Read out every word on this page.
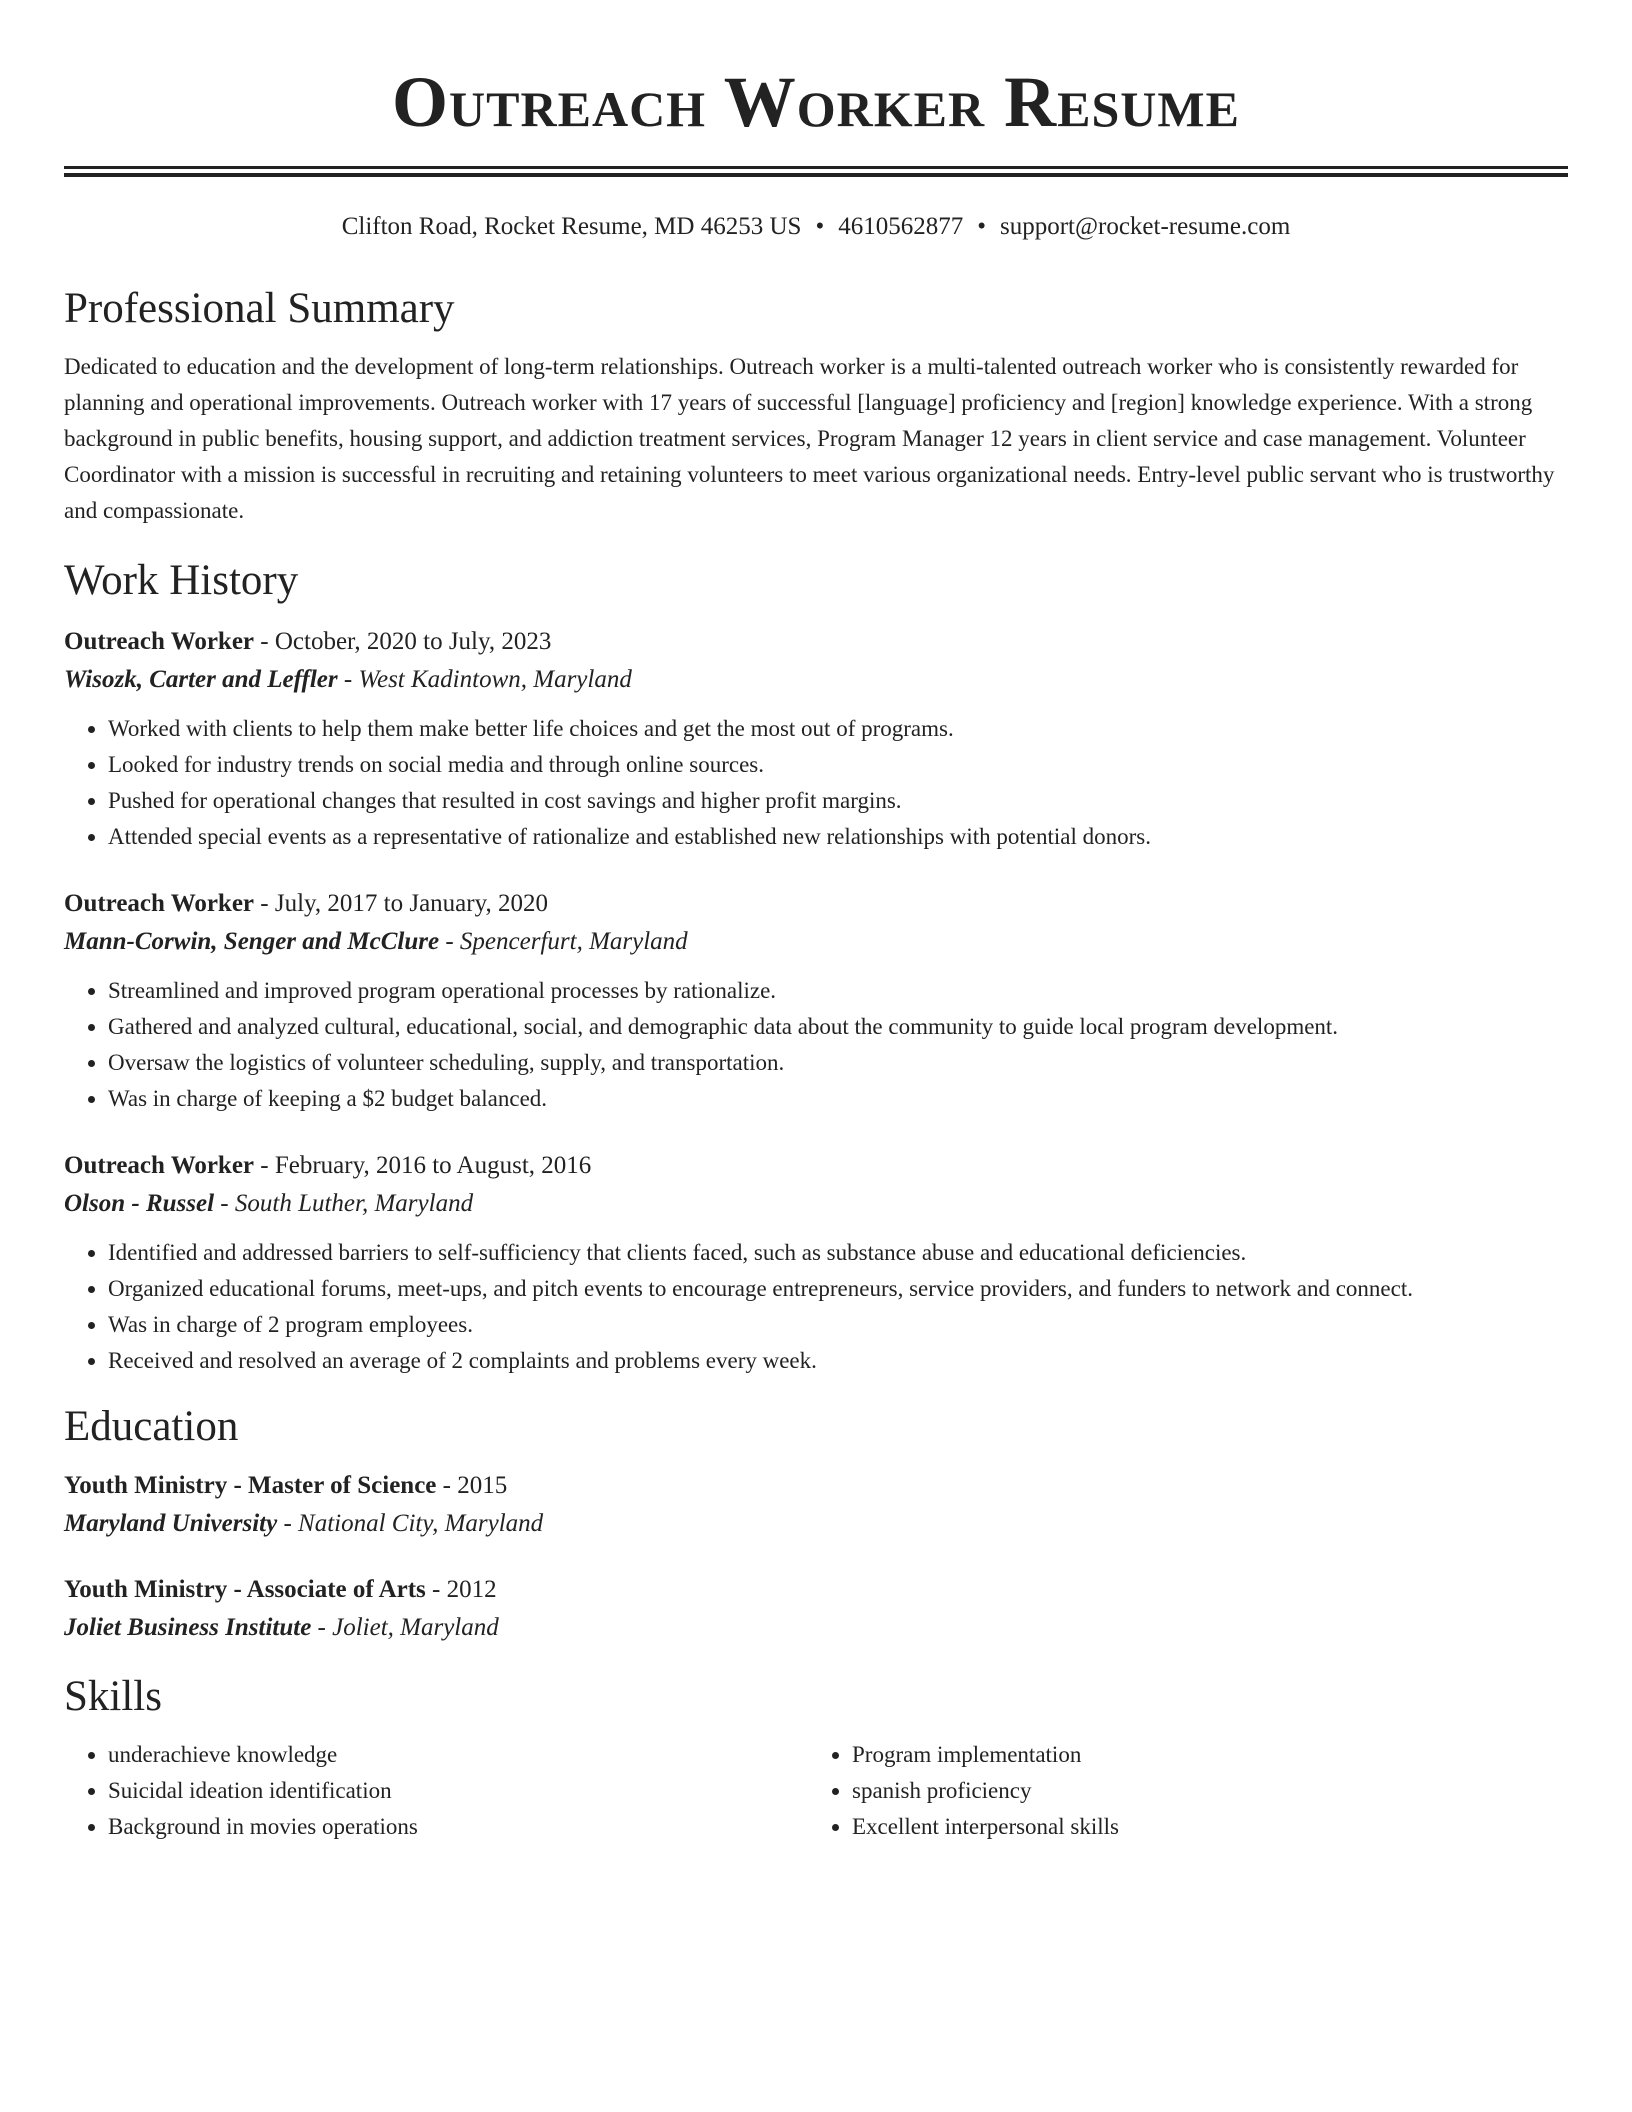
Outreach Worker Resume
Clifton Road, Rocket Resume, MD 46253 US • 4610562877 • support@rocket-resume.com
Professional Summary
Dedicated to education and the development of long-term relationships. Outreach worker is a multi-talented outreach worker who is consistently rewarded for planning and operational improvements. Outreach worker with 17 years of successful [language] proficiency and [region] knowledge experience. With a strong background in public benefits, housing support, and addiction treatment services, Program Manager 12 years in client service and case management. Volunteer Coordinator with a mission is successful in recruiting and retaining volunteers to meet various organizational needs. Entry-level public servant who is trustworthy and compassionate.
Work History
Outreach Worker - October, 2020 to July, 2023
Wisozk, Carter and Leffler - West Kadintown, Maryland
• Worked with clients to help them make better life choices and get the most out of programs.
• Looked for industry trends on social media and through online sources.
• Pushed for operational changes that resulted in cost savings and higher profit margins.
• Attended special events as a representative of rationalize and established new relationships with potential donors.
Outreach Worker - July, 2017 to January, 2020
Mann-Corwin, Senger and McClure - Spencerfurt, Maryland
• Streamlined and improved program operational processes by rationalize.
• Gathered and analyzed cultural, educational, social, and demographic data about the community to guide local program development.
• Oversaw the logistics of volunteer scheduling, supply, and transportation.
• Was in charge of keeping a $2 budget balanced.
Outreach Worker - February, 2016 to August, 2016
Olson - Russel - South Luther, Maryland
• Identified and addressed barriers to self-sufficiency that clients faced, such as substance abuse and educational deficiencies.
• Organized educational forums, meet-ups, and pitch events to encourage entrepreneurs, service providers, and funders to network and connect.
• Was in charge of 2 program employees.
• Received and resolved an average of 2 complaints and problems every week.
Education
Youth Ministry - Master of Science - 2015
Maryland University - National City, Maryland
Youth Ministry - Associate of Arts - 2012
Joliet Business Institute - Joliet, Maryland
Skills
• underachieve knowledge
• Suicidal ideation identification
• Background in movies operations
• Program implementation
• spanish proficiency
• Excellent interpersonal skills
